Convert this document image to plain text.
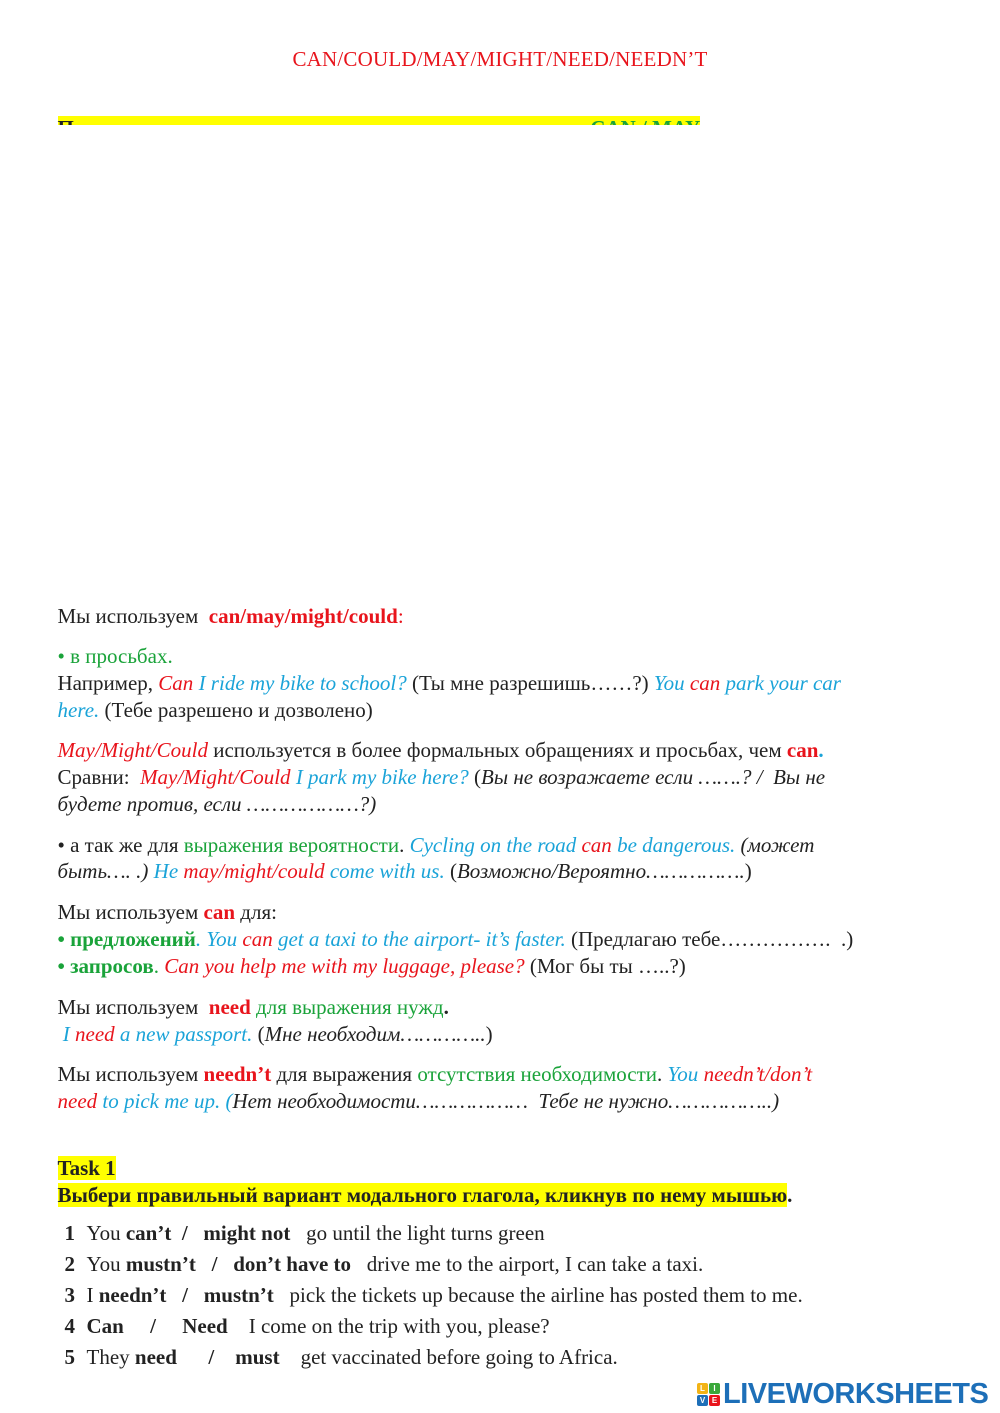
CAN/COULD/MAY/MIGHT/NEED/NEEDN’T

Мы используем  can/may/might/could:

• в просьбах.

Например, Can I ride my bike to school? (Ты мне разрешишь……?) You can park your car

here. (Тебе разрешено и дозволено)

May/Might/Could используется в более формальных обращениях и просьбах, чем can.

Сравни:  May/Might/Could I park my bike here? (Вы не возражаете если …….? /  Вы не

будете против, если ………………?)

• а так же для выражения вероятности. Cycling on the road can be dangerous. (может

быть…. .) He may/might/could come with us. (Возможно/Вероятно…………….)

Мы используем can для:

• предложений. You can get a taxi to the airport- it’s faster. (Предлагаю тебе…………….  .)

• запросов. Can you help me with my luggage, please? (Мог бы ты …..?)

Мы используем  need для выражения нужд.

I need a new passport. (Мне необходим…………..)

Мы используем needn’t для выражения отсутствия необходимости. You needn’t/don’t

need to pick me up. (Нет необходимости………………  Тебе не нужно……………..)

Task 1

Выбери правильный вариант модального глагола, кликнув по нему мышью.

1 You can’t  /   might not   go until the light turns green

2 You mustn’t   /   don’t have to   drive me to the airport, I can take a taxi.

3 I needn’t   /   mustn’t   pick the tickets up because the airline has posted them to me.

4 Can     /     Need    I come on the trip with you, please?

5 They need      /    must    get vaccinated before going to Africa.

L	I
V E LIVEWORKSHEETS
